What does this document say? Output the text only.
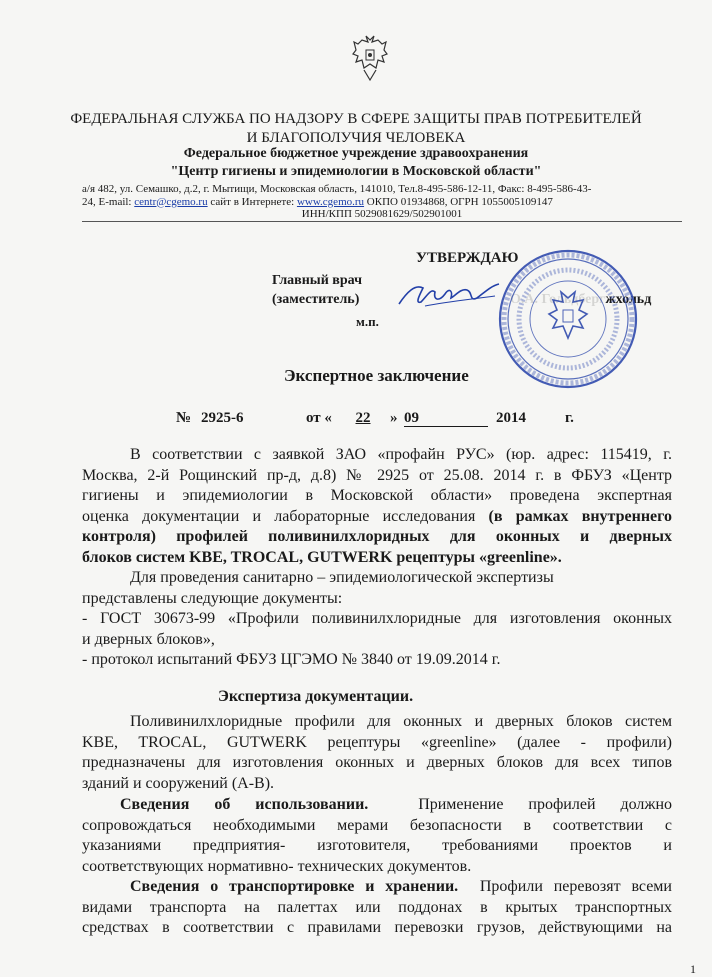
ФЕДЕРАЛЬНАЯ СЛУЖБА ПО НАДЗОРУ В СФЕРЕ ЗАЩИТЫ ПРАВ ПОТРЕБИТЕЛЕЙ
И БЛАГОПОЛУЧИЯ ЧЕЛОВЕКА
Федеральное бюджетное учреждение здравоохранения
"Центр гигиены и эпидемиологии в Московской области"
а/я 482, ул. Семашко, д.2, г. Мытищи, Московская область, 141010, Тел.8-495-586-12-11, Факс: 8-495-586-43-
24, E-mail: centr@cgemo.ru сайт в Интернете: www.cgemo.ru ОКПО 01934868, ОГРН 1055005109147
ИНН/КПП 5029081629/502901001
УТВЕРЖДАЮ
Главный врач
(заместитель)	О.А. Гольдбергжхольд
м.п.
Экспертное заключение
№ 2925-6	от «	22	» 09	2014	г.

В соответствии с заявкой ЗАО «профайн РУС» (юр. адрес: 115419, г.

Москва, 2-й Рощинский пр-д, д.8) № 2925 от 25.08. 2014 г. в ФБУЗ «Центр

гигиены и эпидемиологии в Московской области» проведена экспертная

оценка документации и лабораторные исследования (в рамках внутреннего

контроля) профилей поливинилхлоридных для оконных и дверных

блоков систем KBE, TROCAL, GUTWERK рецептуры «greenline».

Для проведения санитарно – эпидемиологической экспертизы

представлены следующие документы:

- ГОСТ 30673-99 «Профили поливинилхлоридные для изготовления оконных

и дверных блоков»,

- протокол испытаний ФБУЗ ЦГЭМО № 3840 от 19.09.2014 г.

Экспертиза документации.

Поливинилхлоридные профили для оконных и дверных блоков систем

KBE, TROCAL, GUTWERK рецептуры «greenline» (далее - профили)

предназначены для изготовления оконных и дверных блоков для всех типов

зданий и сооружений (А-В).

Сведения об использовании.	Применение профилей должно

сопровождаться необходимыми мерами безопасности в соответствии с

указаниями предприятия- изготовителя, требованиями проектов и

соответствующих нормативно- технических документов.

Сведения о транспортировке и хранении. Профили перевозят всеми

видами транспорта на палеттах или поддонах в крытых транспортных

средствах в соответствии с правилами перевозки грузов, действующими на

1
